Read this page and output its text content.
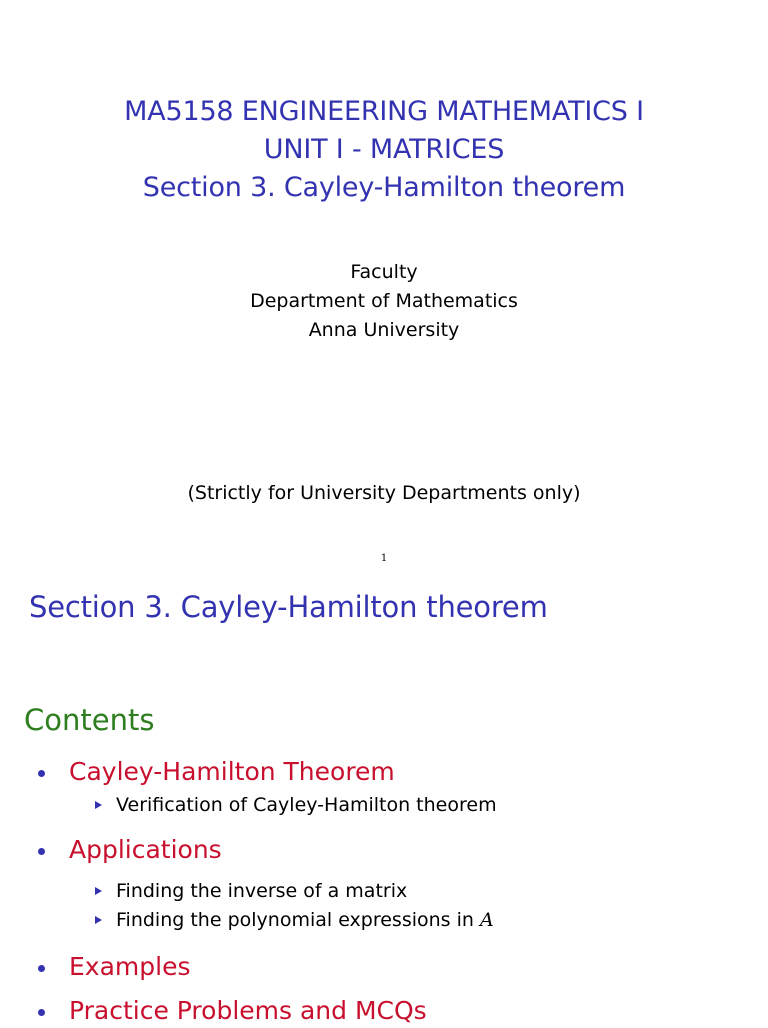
MA5158 ENGINEERING MATHEMATICS I
UNIT I - MATRICES
Section 3. Cayley-Hamilton theorem
Faculty
Department of Mathematics
Anna University
(Strictly for University Departments only)
1
Section 3. Cayley-Hamilton theorem
Contents
Cayley-Hamilton Theorem
Verification of Cayley-Hamilton theorem
Applications
Finding the inverse of a matrix
Finding the polynomial expressions in A
Examples
Practice Problems and MCQs
